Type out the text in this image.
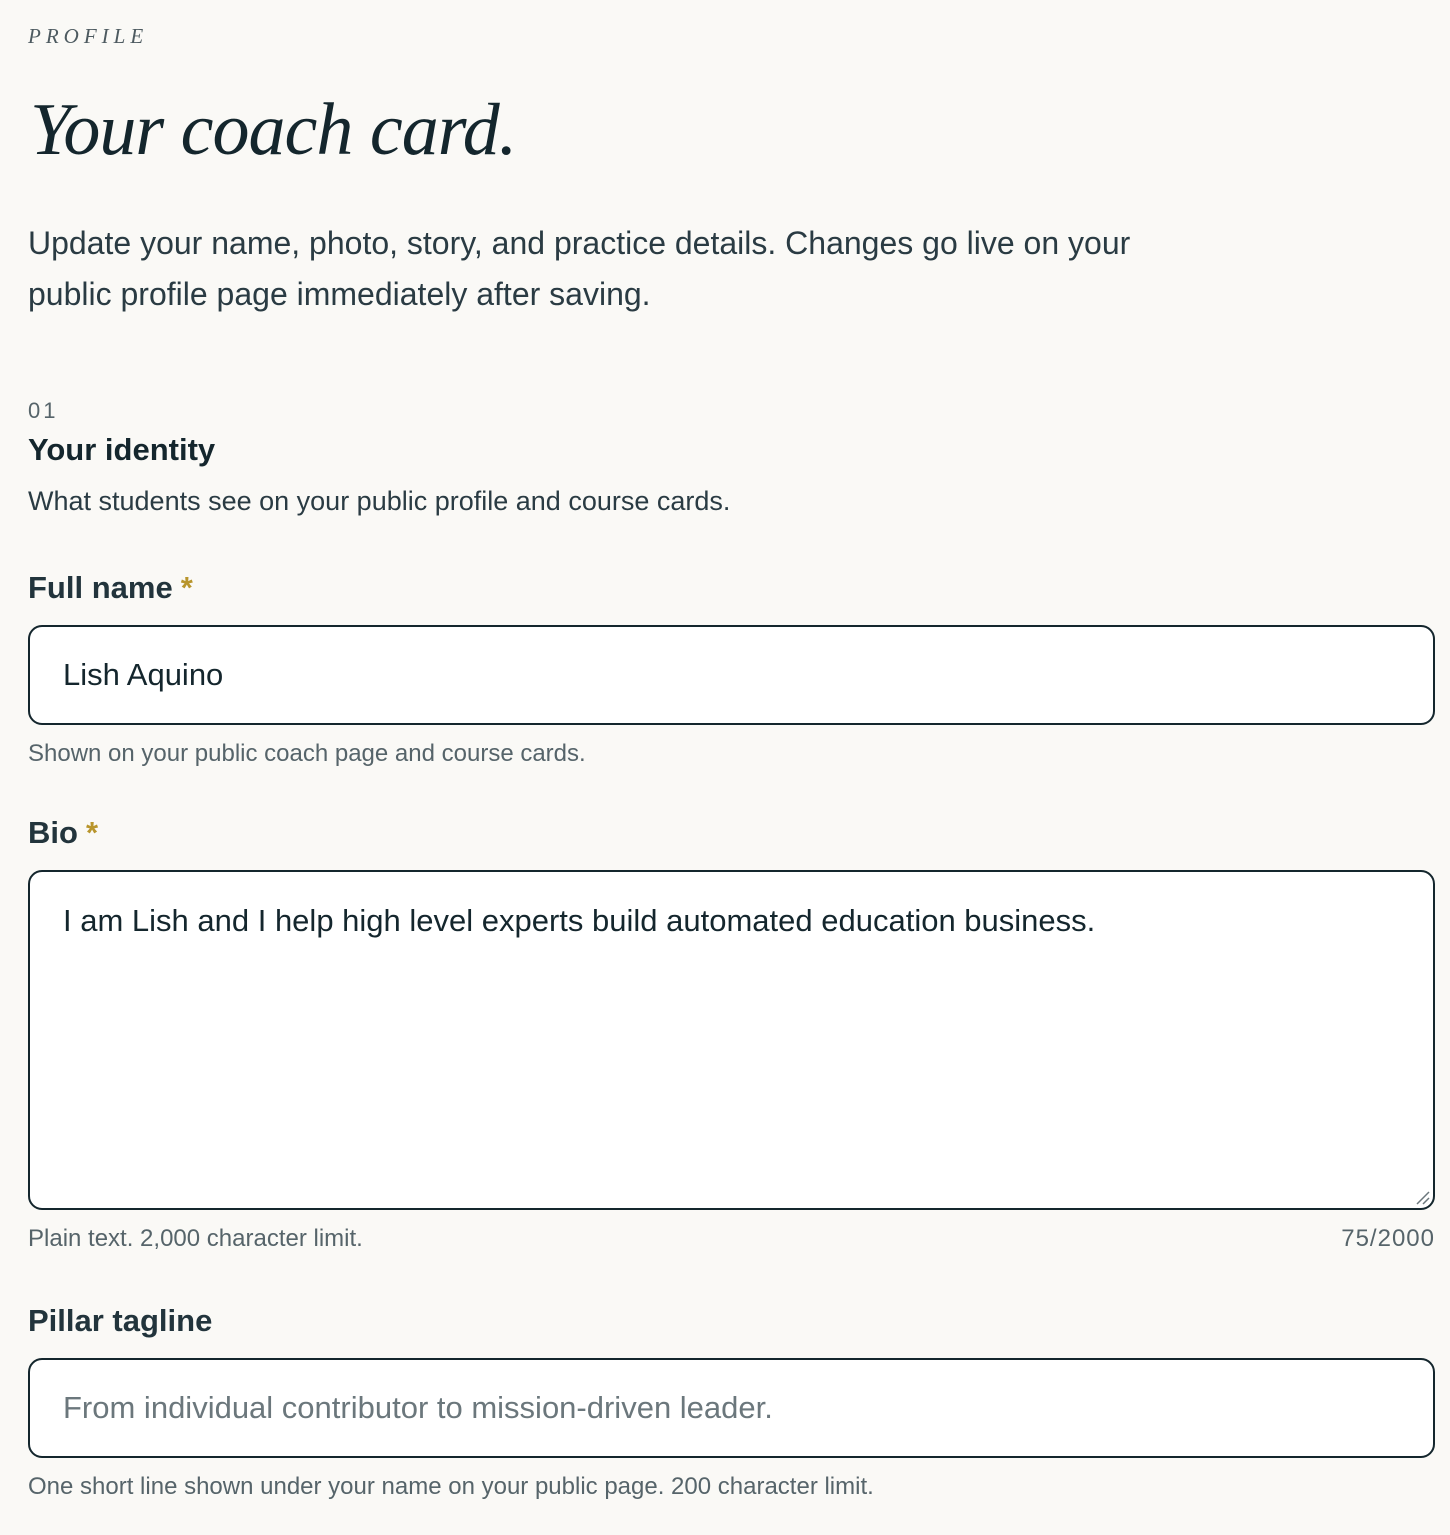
PROFILE
Your coach card.

Update your name, photo, story, and practice details. Changes go live on your public profile page immediately after saving.

01
Your identity

What students see on your public profile and course cards.

Full name *
Lish Aquino
Shown on your public coach page and course cards.
Bio *
I am Lish and I help high level experts build automated education business.
Plain text. 2,000 character limit.	75/2000
Pillar tagline
From individual contributor to mission-driven leader.
One short line shown under your name on your public page. 200 character limit.
